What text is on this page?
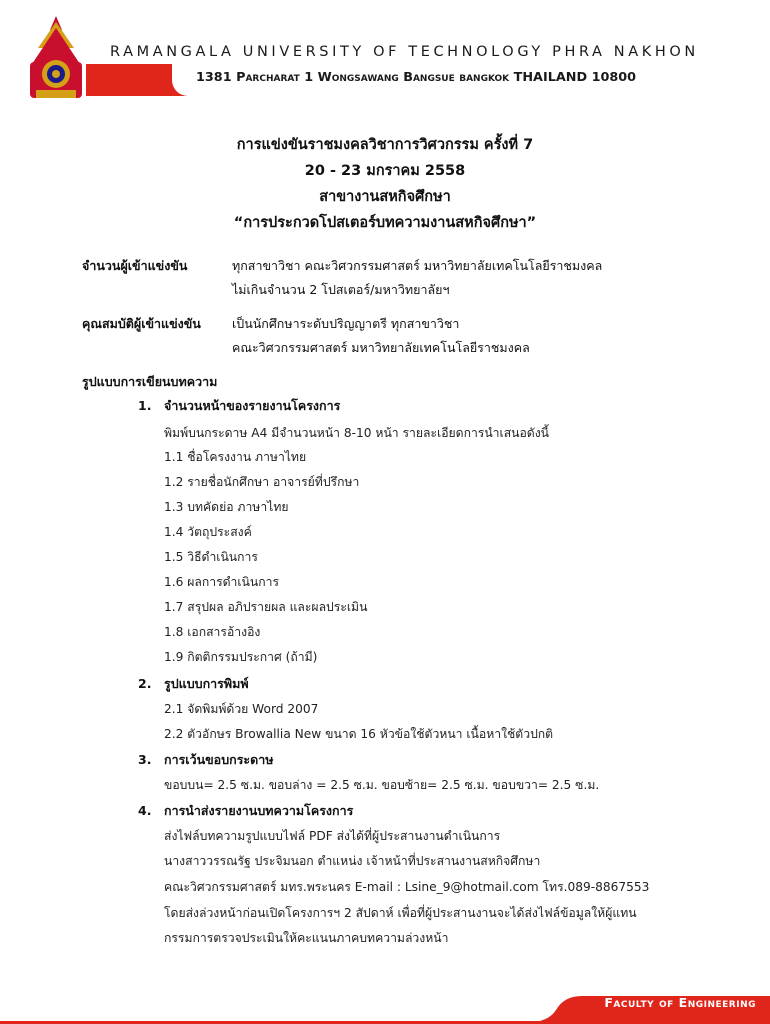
RAMANGALA UNIVERSITY OF TECHNOLOGY PHRA NAKHON
1381 Parcharat 1 Wongsawang Bangsue bangkok THAILAND 10800
การแข่งขันราชมงคลวิชาการวิศวกรรม ครั้งที่ 7
20 - 23 มกราคม 2558
สาขางานสหกิจศึกษา
“การประกวดโปสเตอร์บทความงานสหกิจศึกษา”
จำนวนผู้เข้าแข่งขัน	ทุกสาขาวิชา คณะวิศวกรรมศาสตร์ มหาวิทยาลัยเทคโนโลยีราชมงคล
ไม่เกินจำนวน 2 โปสเตอร์/มหาวิทยาลัยฯ
คุณสมบัติผู้เข้าแข่งขัน เป็นนักศึกษาระดับปริญญาตรี ทุกสาขาวิชา
คณะวิศวกรรมศาสตร์ มหาวิทยาลัยเทคโนโลยีราชมงคล
รูปแบบการเขียนบทความ
1. จำนวนหน้าของรายงานโครงการ
พิมพ์บนกระดาษ A4 มีจำนวนหน้า 8-10 หน้า รายละเอียดการนำเสนอดังนี้
1.1 ชื่อโครงงาน ภาษาไทย
1.2 รายชื่อนักศึกษา อาจารย์ที่ปรึกษา
1.3 บทคัดย่อ ภาษาไทย
1.4 วัตถุประสงค์
1.5 วิธีดำเนินการ
1.6 ผลการดำเนินการ
1.7 สรุปผล อภิปรายผล และผลประเมิน
1.8 เอกสารอ้างอิง
1.9 กิตติกรรมประกาศ (ถ้ามี)
2. รูปแบบการพิมพ์
2.1 จัดพิมพ์ด้วย Word 2007
2.2 ตัวอักษร Browallia New ขนาด 16 หัวข้อใช้ตัวหนา เนื้อหาใช้ตัวปกติ
3. การเว้นขอบกระดาษ
ขอบบน= 2.5 ซ.ม. ขอบล่าง = 2.5 ซ.ม. ขอบซ้าย= 2.5 ซ.ม. ขอบขวา= 2.5 ซ.ม.
4. การนำส่งรายงานบทความโครงการ
ส่งไฟล์บทความรูปแบบไฟล์ PDF ส่งได้ที่ผู้ประสานงานดำเนินการ
นางสาววรรณรัฐ ประจิมนอก ตำแหน่ง เจ้าหน้าที่ประสานงานสหกิจศึกษา
คณะวิศวกรรมศาสตร์ มทร.พระนคร E-mail : Lsine_9@hotmail.com โทร.089-8867553
โดยส่งล่วงหน้าก่อนเปิดโครงการฯ 2 สัปดาห์ เพื่อที่ผู้ประสานงานจะได้ส่งไฟล์ข้อมูลให้ผู้แทน
กรรมการตรวจประเมินให้คะแนนภาคบทความล่วงหน้า
Faculty of Engineering
